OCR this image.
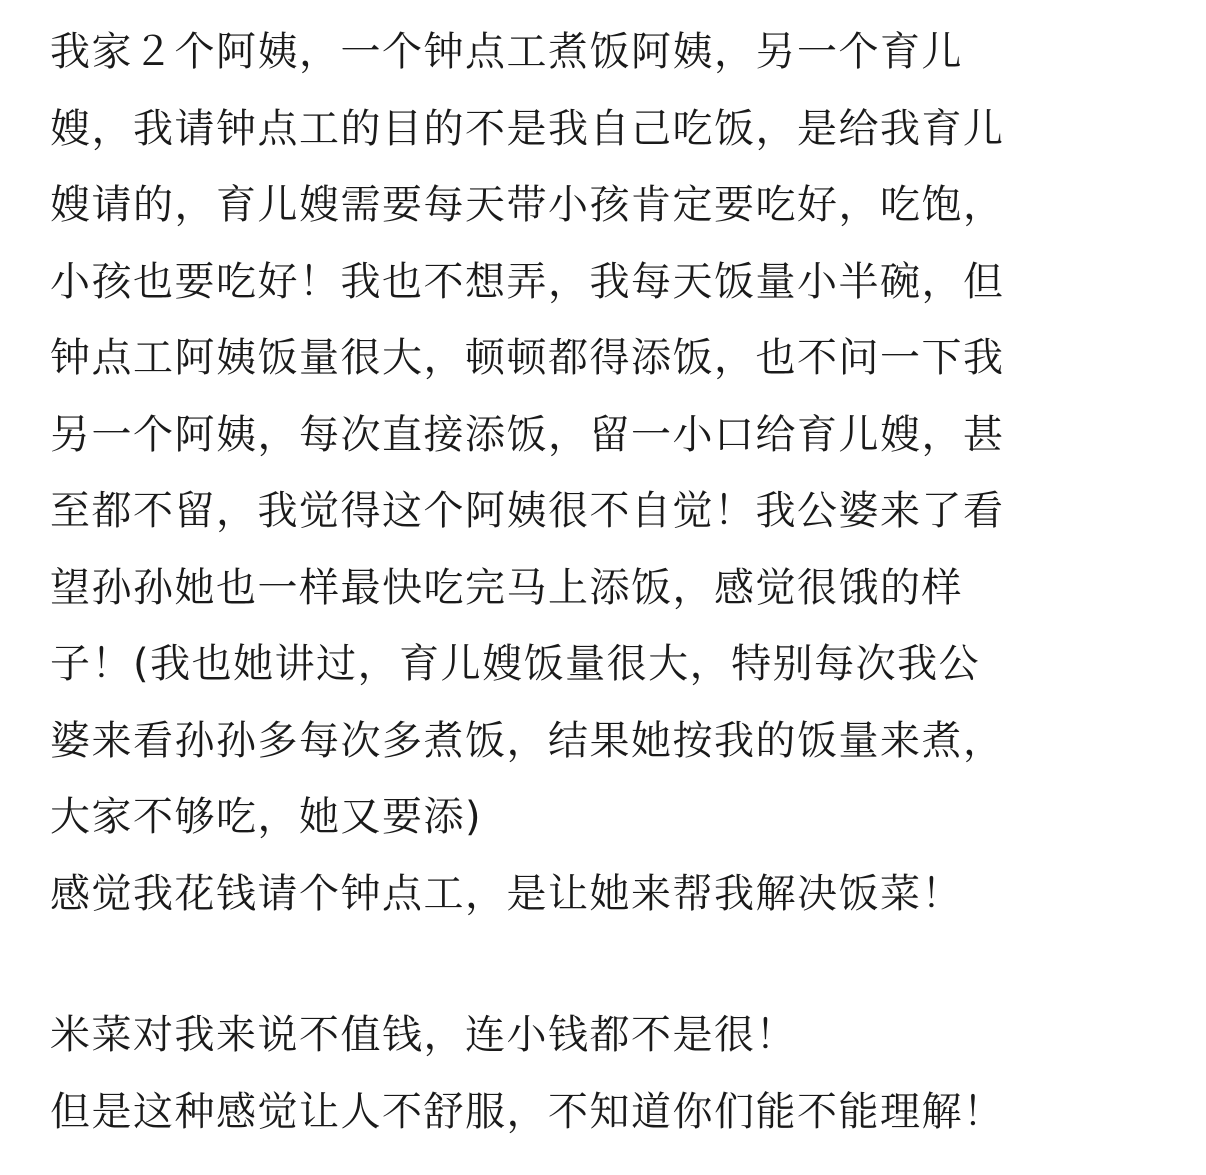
我家２个阿姨，一个钟点工煮饭阿姨，另一个育儿
嫂，我请钟点工的目的不是我自己吃饭，是给我育儿
嫂请的，育儿嫂需要每天带小孩肯定要吃好，吃饱，
小孩也要吃好！我也不想弄，我每天饭量小半碗，但
钟点工阿姨饭量很大，顿顿都得添饭，也不问一下我
另一个阿姨，每次直接添饭，留一小口给育儿嫂，甚
至都不留，我觉得这个阿姨很不自觉！我公婆来了看
望孙孙她也一样最快吃完马上添饭，感觉很饿的样
子！(我也她讲过，育儿嫂饭量很大，特别每次我公
婆来看孙孙多每次多煮饭，结果她按我的饭量来煮，
大家不够吃，她又要添)
感觉我花钱请个钟点工，是让她来帮我解决饭菜！
米菜对我来说不值钱，连小钱都不是很！
但是这种感觉让人不舒服，不知道你们能不能理解！
